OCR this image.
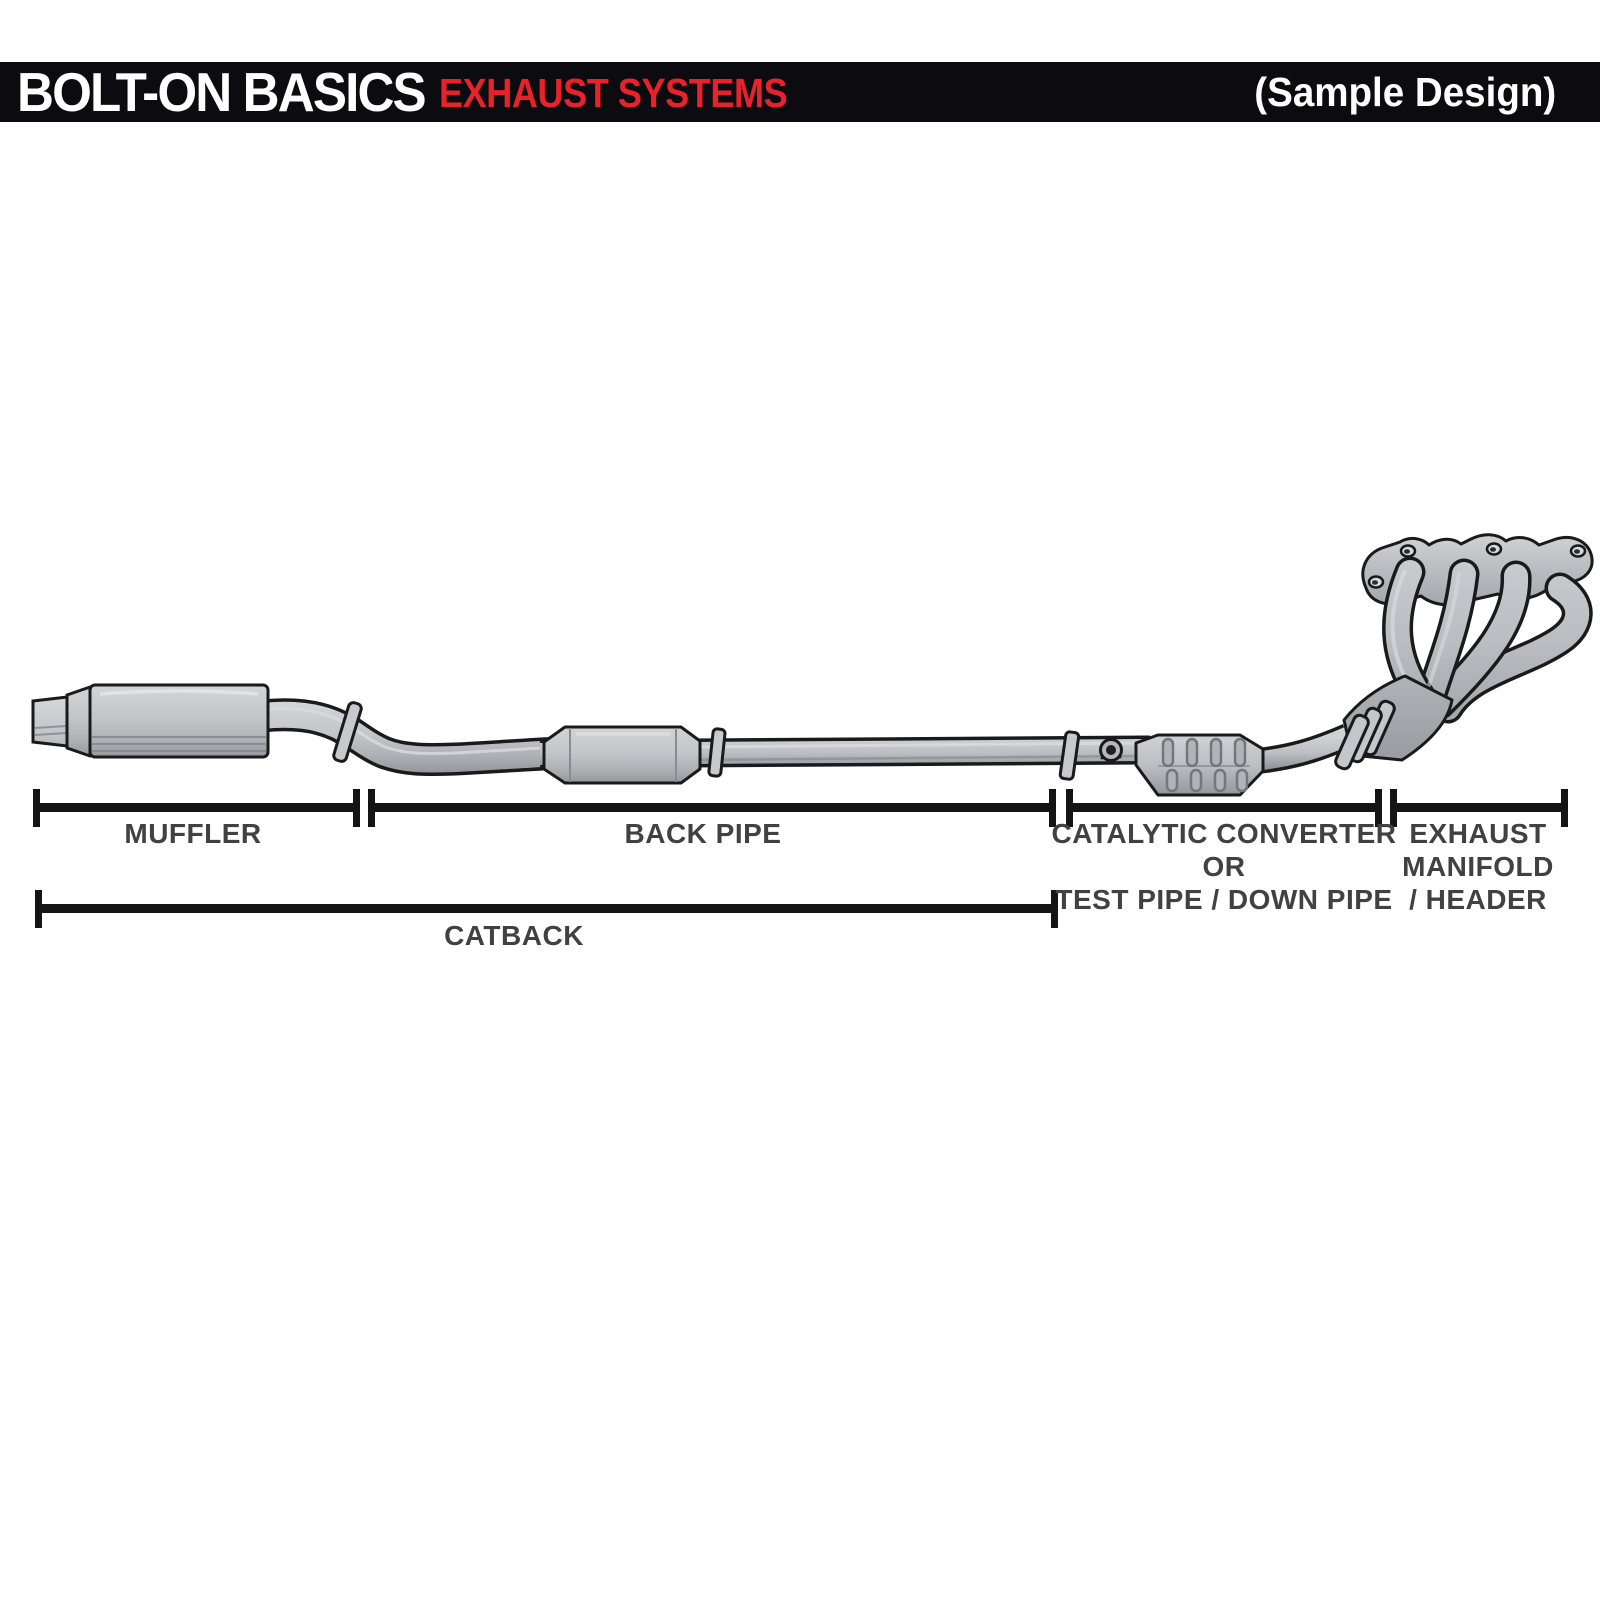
BOLT-ON BASICS EXHAUST SYSTEMS	(Sample Design)
MUFFLER	BACK PIPE	CATALYTIC CONVERTER
OR
TEST PIPE / DOWN PIPE
EXHAUST
MANIFOLD
/ HEADER
CATBACK
